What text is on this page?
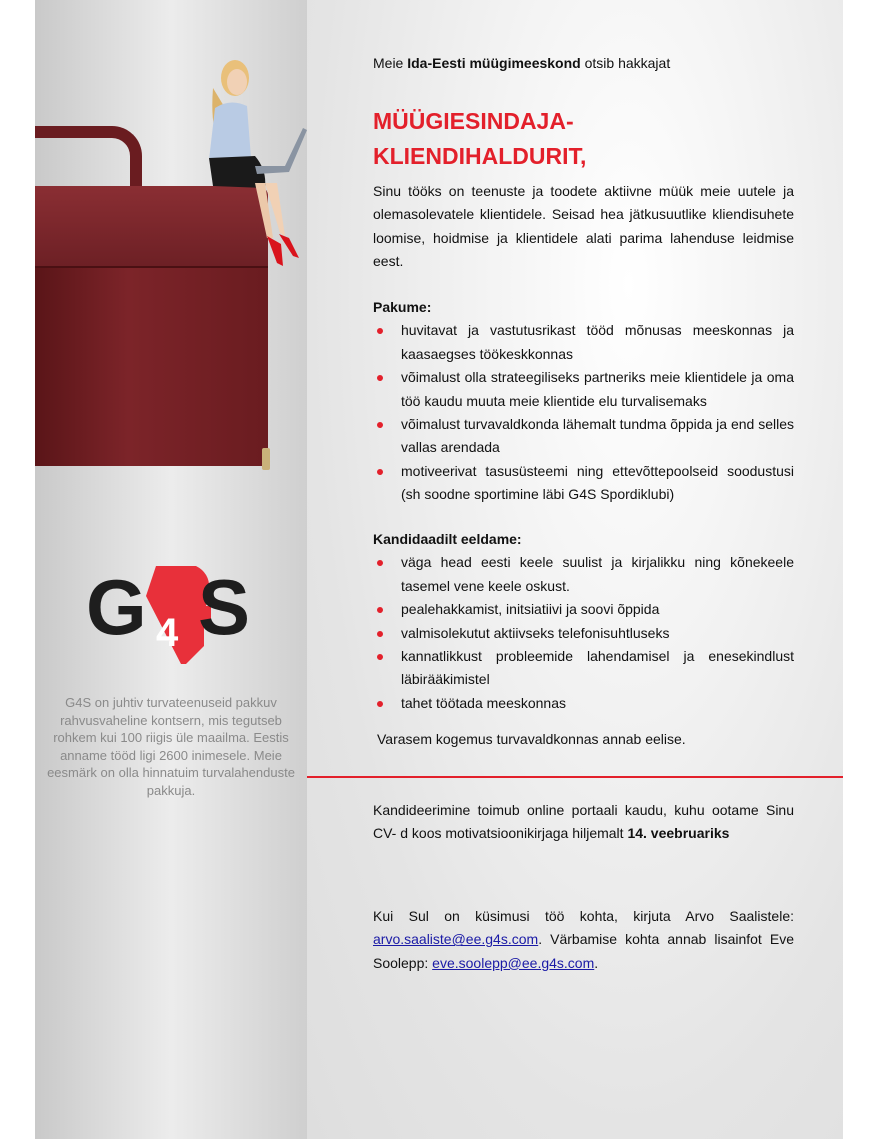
G S
4
G4S on juhtiv turvateenuseid pakkuv rahvusvaheline kontsern, mis tegutseb rohkem kui 100 riigis üle maailma. Eestis anname tööd ligi 2600 inimesele. Meie eesmärk on olla hinnatuim turvalahenduste pakkuja.
Meie Ida-Eesti müügimeeskond otsib hakkajat
MÜÜGIESINDAJA-
KLIENDIHALDURIT,
Sinu tööks on teenuste ja toodete aktiivne müük meie uutele ja olemasolevatele klientidele. Seisad hea jätkusuutlike kliendisuhete loomise, hoidmise ja klientidele alati parima lahenduse leidmise eest.
Pakume:
huvitavat ja vastutusrikast tööd mõnusas meeskonnas ja kaasaegses töökeskkonnas
võimalust olla strateegiliseks partneriks meie klientidele ja oma töö kaudu muuta meie klientide elu turvalisemaks
võimalust turvavaldkonda lähemalt tundma õppida ja end selles vallas arendada
motiveerivat tasusüsteemi ning ettevõttepoolseid soodustusi (sh soodne sportimine läbi G4S Spordiklubi)
Kandidaadilt eeldame:
väga head eesti keele suulist ja kirjalikku ning kõnekeele tasemel vene keele oskust.
pealehakkamist, initsiatiivi ja soovi õppida
valmisolekutut aktiivseks telefonisuhtluseks
kannatlikkust probleemide lahendamisel ja enesekindlust läbirääkimistel
tahet töötada meeskonnas
Varasem kogemus turvavaldkonnas annab eelise.
Kandideerimine toimub online portaali kaudu, kuhu ootame Sinu CV- d koos motivatsioonikirjaga hiljemalt 14. veebruariks
Kui Sul on küsimusi töö kohta, kirjuta Arvo Saalistele: arvo.saaliste@ee.g4s.com. Värbamise kohta annab lisainfot Eve Soolepp: eve.soolepp@ee.g4s.com.
